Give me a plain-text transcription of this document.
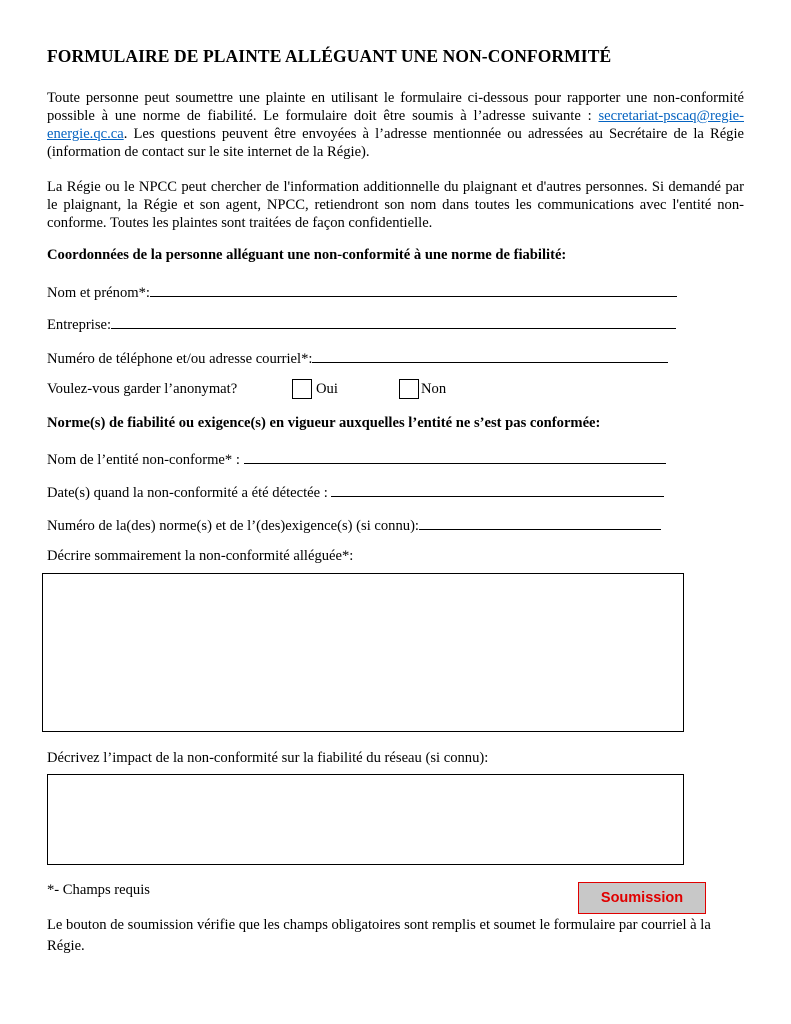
FORMULAIRE DE PLAINTE ALLÉGUANT UNE NON-CONFORMITÉ
Toute personne peut soumettre une plainte en utilisant le formulaire ci-dessous pour rapporter une non-conformité possible à une norme de fiabilité. Le formulaire doit être soumis à l’adresse suivante : secretariat-pscaq@regie-energie.qc.ca. Les questions peuvent être envoyées à l’adresse mentionnée ou adressées au Secrétaire de la Régie (information de contact sur le site internet de la Régie).
La Régie ou le NPCC peut chercher de l'information additionnelle du plaignant et d'autres personnes. Si demandé par le plaignant, la Régie et son agent, NPCC, retiendront son nom dans toutes les communications avec l'entité non-conforme. Toutes les plaintes sont traitées de façon confidentielle.
Coordonnées de la personne alléguant une non-conformité à une norme de fiabilité:
Nom et prénom*:
Entreprise:
Numéro de téléphone et/ou adresse courriel*:
Voulez-vous garder l’anonymat?	Oui	Non
Norme(s) de fiabilité ou exigence(s) en vigueur auxquelles l’entité ne s’est pas conformée:
Nom de l’entité non-conforme* :
Date(s) quand la non-conformité a été détectée :
Numéro de la(des) norme(s) et de l’(des)exigence(s) (si connu):
Décrire sommairement la non-conformité alléguée*:
Décrivez l’impact de la non-conformité sur la fiabilité du réseau (si connu):
*- Champs requis	Soumission
Le bouton de soumission vérifie que les champs obligatoires sont remplis et soumet le formulaire par courriel à la Régie.
